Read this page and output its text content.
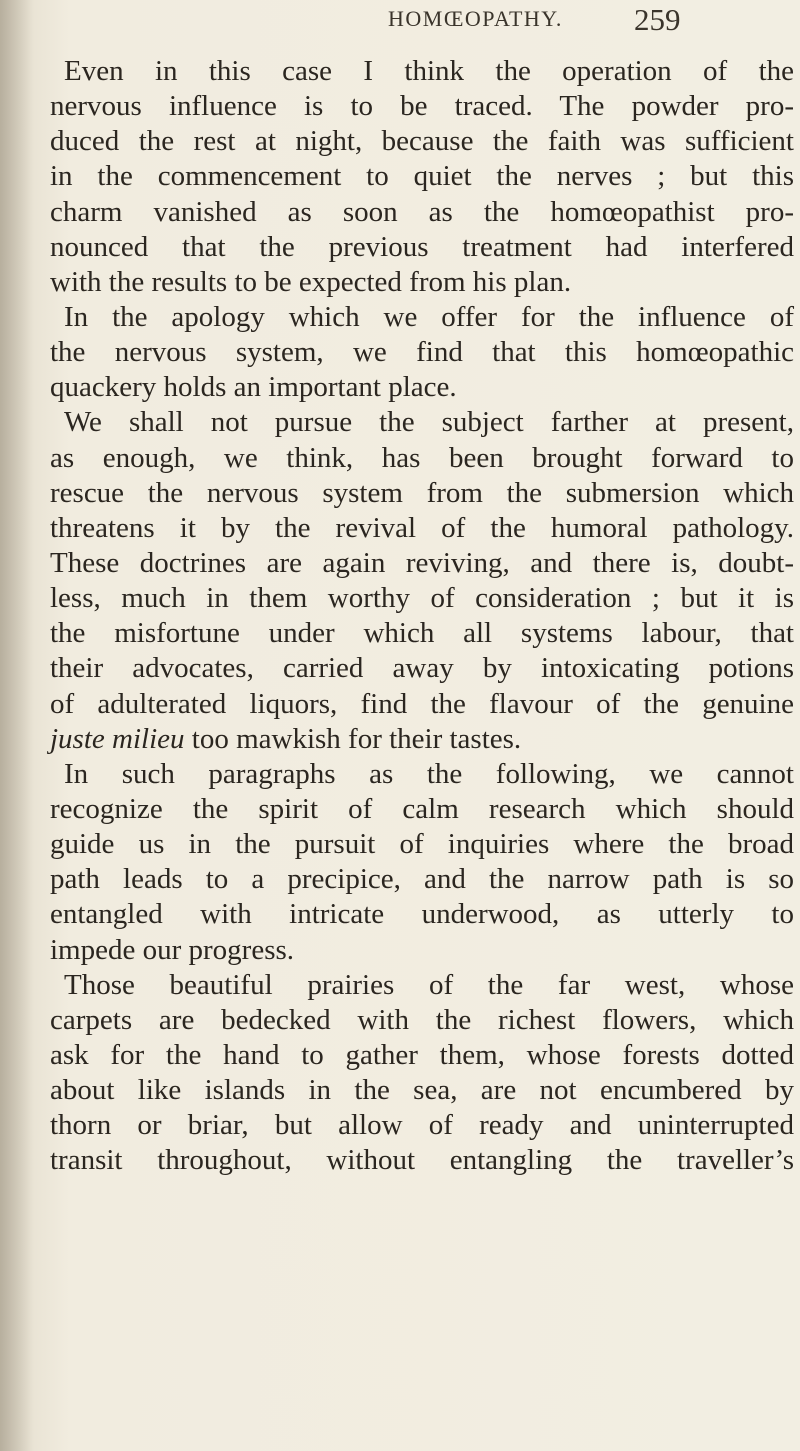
HOMŒOPATHY. 259
Even in this case I think the operation of the
nervous influence is to be traced. The powder pro-
duced the rest at night, because the faith was sufficient
in the commencement to quiet the nerves ; but this
charm vanished as soon as the homœopathist pro-
nounced that the previous treatment had interfered
with the results to be expected from his plan.
In the apology which we offer for the influence of
the nervous system, we find that this homœopathic
quackery holds an important place.
We shall not pursue the subject farther at present,
as enough, we think, has been brought forward to
rescue the nervous system from the submersion which
threatens it by the revival of the humoral pathology.
These doctrines are again reviving, and there is, doubt-
less, much in them worthy of consideration ; but it is
the misfortune under which all systems labour, that
their advocates, carried away by intoxicating potions
of adulterated liquors, find the flavour of the genuine
juste milieu too mawkish for their tastes.
In such paragraphs as the following, we cannot
recognize the spirit of calm research which should
guide us in the pursuit of inquiries where the broad
path leads to a precipice, and the narrow path is so
entangled with intricate underwood, as utterly to
impede our progress.
Those beautiful prairies of the far west, whose
carpets are bedecked with the richest flowers, which
ask for the hand to gather them, whose forests dotted
about like islands in the sea, are not encumbered by
thorn or briar, but allow of ready and uninterrupted
transit throughout, without entangling the traveller’s
